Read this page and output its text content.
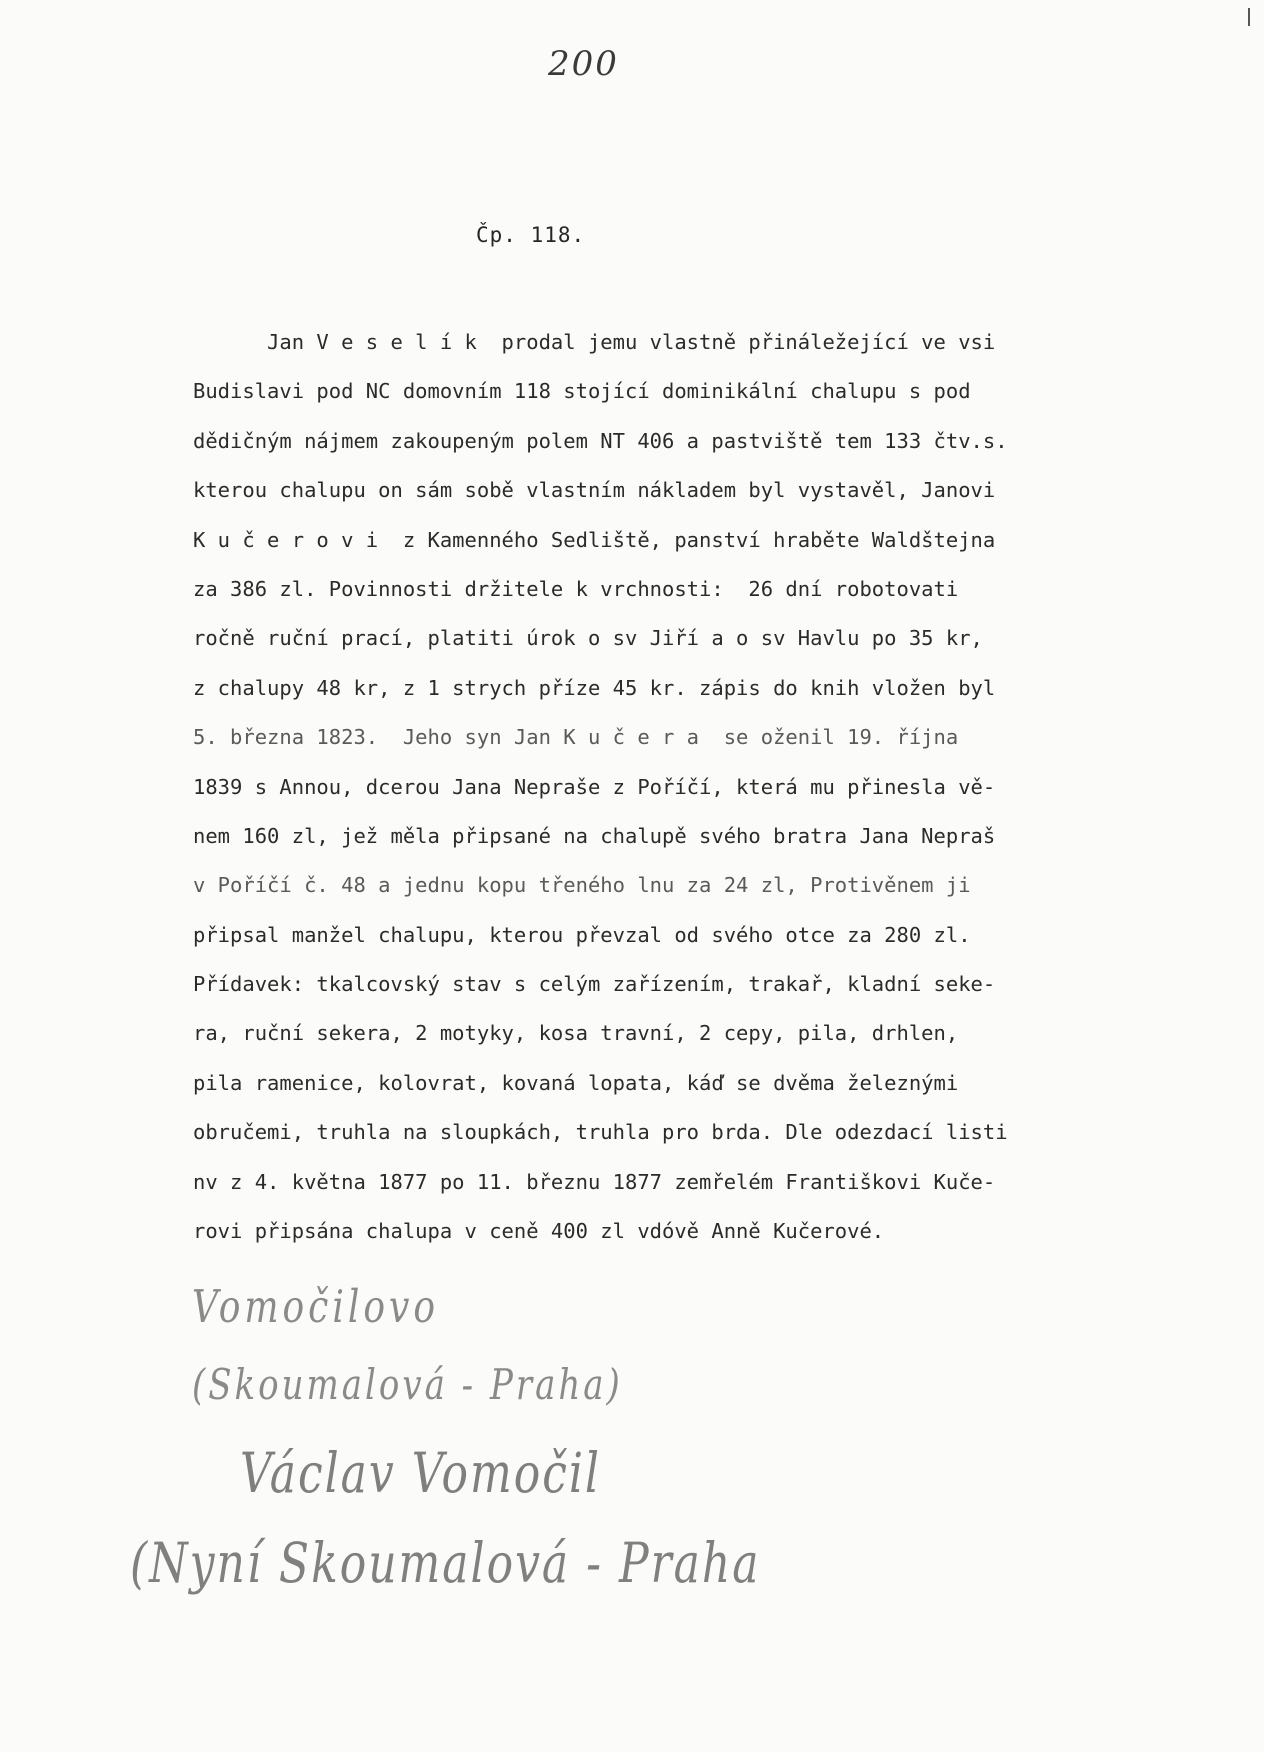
200
Čp. 118.
Jan V e s e l í k  prodal jemu vlastně přináležející ve vsi
Budislavi pod NC domovním 118 stojící dominikální chalupu s pod
dědičným nájmem zakoupeným polem NT 406 a pastviště tem 133 čtv.s.
kterou chalupu on sám sobě vlastním nákladem byl vystavěl, Janovi
K u č e r o v i  z Kamenného Sedliště, panství hraběte Waldštejna
za 386 zl. Povinnosti držitele k vrchnosti:  26 dní robotovati
ročně ruční prací, platiti úrok o sv Jiří a o sv Havlu po 35 kr,
z chalupy 48 kr, z 1 strych příze 45 kr. zápis do knih vložen byl
5. března 1823.  Jeho syn Jan K u č e r a  se oženil 19. října
1839 s Annou, dcerou Jana Nepraše z Poříčí, která mu přinesla vě-
nem 160 zl, jež měla připsané na chalupě svého bratra Jana Nepraš
v Poříčí č. 48 a jednu kopu třeného lnu za 24 zl, Protivěnem ji
připsal manžel chalupu, kterou převzal od svého otce za 280 zl.
Přídavek: tkalcovský stav s celým zařízením, trakař, kladní seke-
ra, ruční sekera, 2 motyky, kosa travní, 2 cepy, pila, drhlen,
pila ramenice, kolovrat, kovaná lopata, káď se dvěma železnými
obručemi, truhla na sloupkách, truhla pro brda. Dle odezdací listi
nv z 4. května 1877 po 11. březnu 1877 zemřelém Františkovi Kuče-
rovi připsána chalupa v ceně 400 zl vdóvě Anně Kučerové.
Vomočilovo
(Skoumalová - Praha)
Václav Vomočil
(Nyní Skoumalová - Praha
